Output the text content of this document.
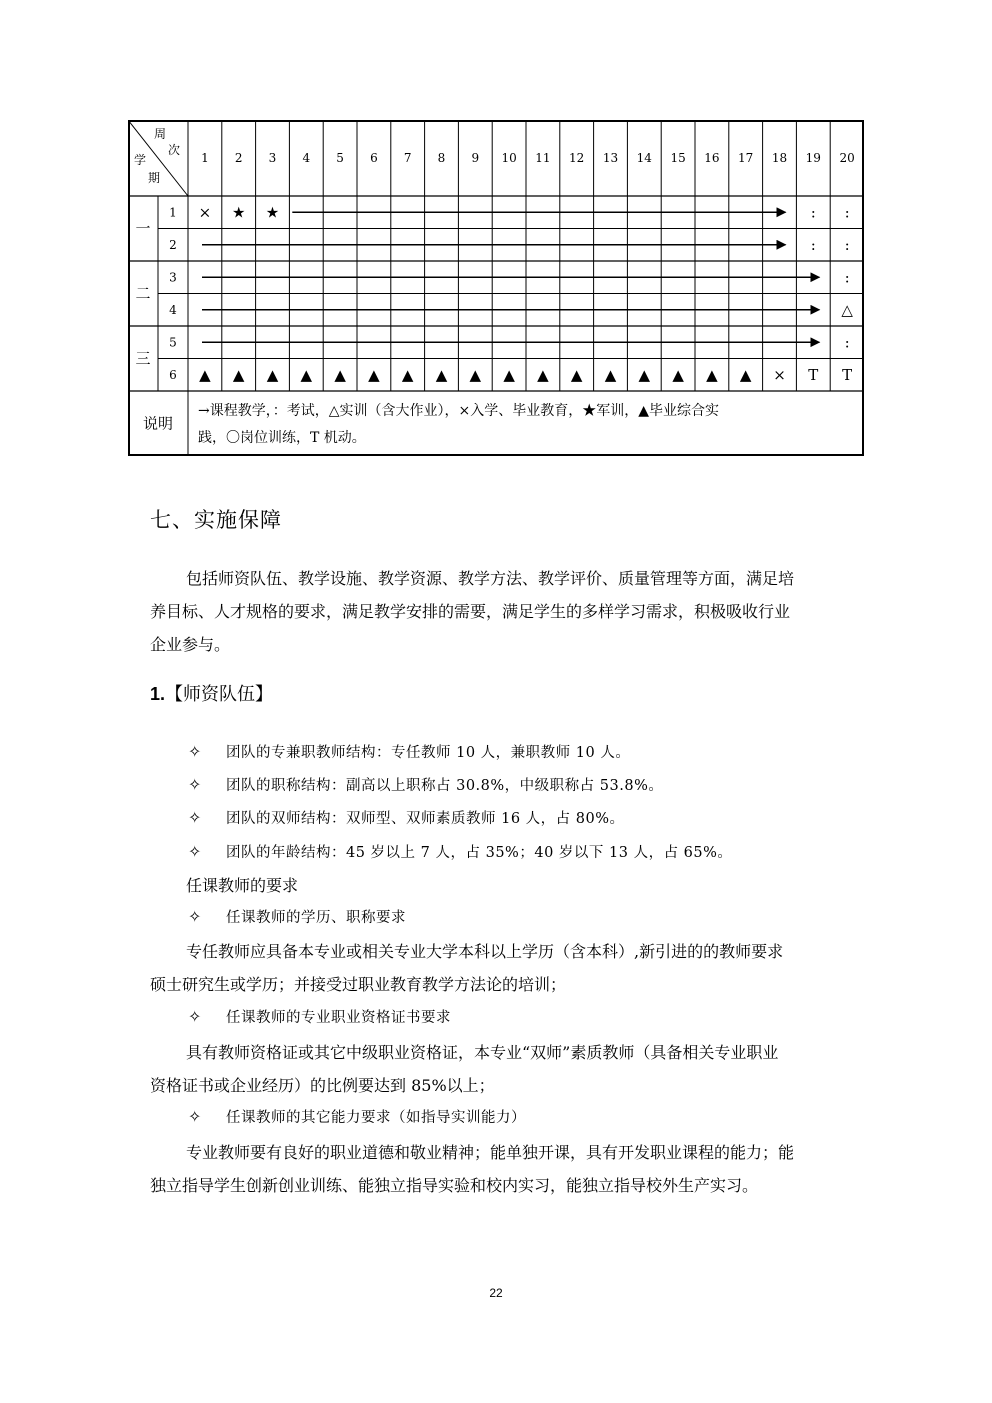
周
次
学
期
1 2 3 4 5 6 7 8 9 10 11 12 13 14 15 16 17 18 19 20
一
二
三
1
2
3
4
5
6
× ★ ★	: :
: :
:
△
:
▲ ▲ ▲ ▲ ▲ ▲ ▲ ▲ ▲ ▲ ▲ ▲ ▲ ▲ ▲ ▲ ▲ × T T
说明
→课程教学，：考试，△实训（含大作业），×入学、毕业教育，★军训，▲毕业综合实
践，〇岗位训练，T 机动。
七、实施保障
包括师资队伍、教学设施、教学资源、教学方法、教学评价、质量管理等方面，满足培
养目标、人才规格的要求，满足教学安排的需要，满足学生的多样学习需求，积极吸收行业
企业参与。
1.【师资队伍】
✧ 团队的专兼职教师结构：专任教师 10 人，兼职教师 10 人。
✧ 团队的职称结构：副高以上职称占 30.8%，中级职称占 53.8%。
✧ 团队的双师结构：双师型、双师素质教师 16 人，占 80%。
✧ 团队的年龄结构：45 岁以上 7 人，占 35%；40 岁以下 13 人，占 65%。
任课教师的要求
✧ 任课教师的学历、职称要求
专任教师应具备本专业或相关专业大学本科以上学历（含本科）,新引进的的教师要求
硕士研究生或学历；并接受过职业教育教学方法论的培训；
✧ 任课教师的专业职业资格证书要求
具有教师资格证或其它中级职业资格证，本专业“双师”素质教师（具备相关专业职业
资格证书或企业经历）的比例要达到 85%以上；
✧ 任课教师的其它能力要求（如指导实训能力）
专业教师要有良好的职业道德和敬业精神；能单独开课，具有开发职业课程的能力；能
独立指导学生创新创业训练、能独立指导实验和校内实习，能独立指导校外生产实习。
22
